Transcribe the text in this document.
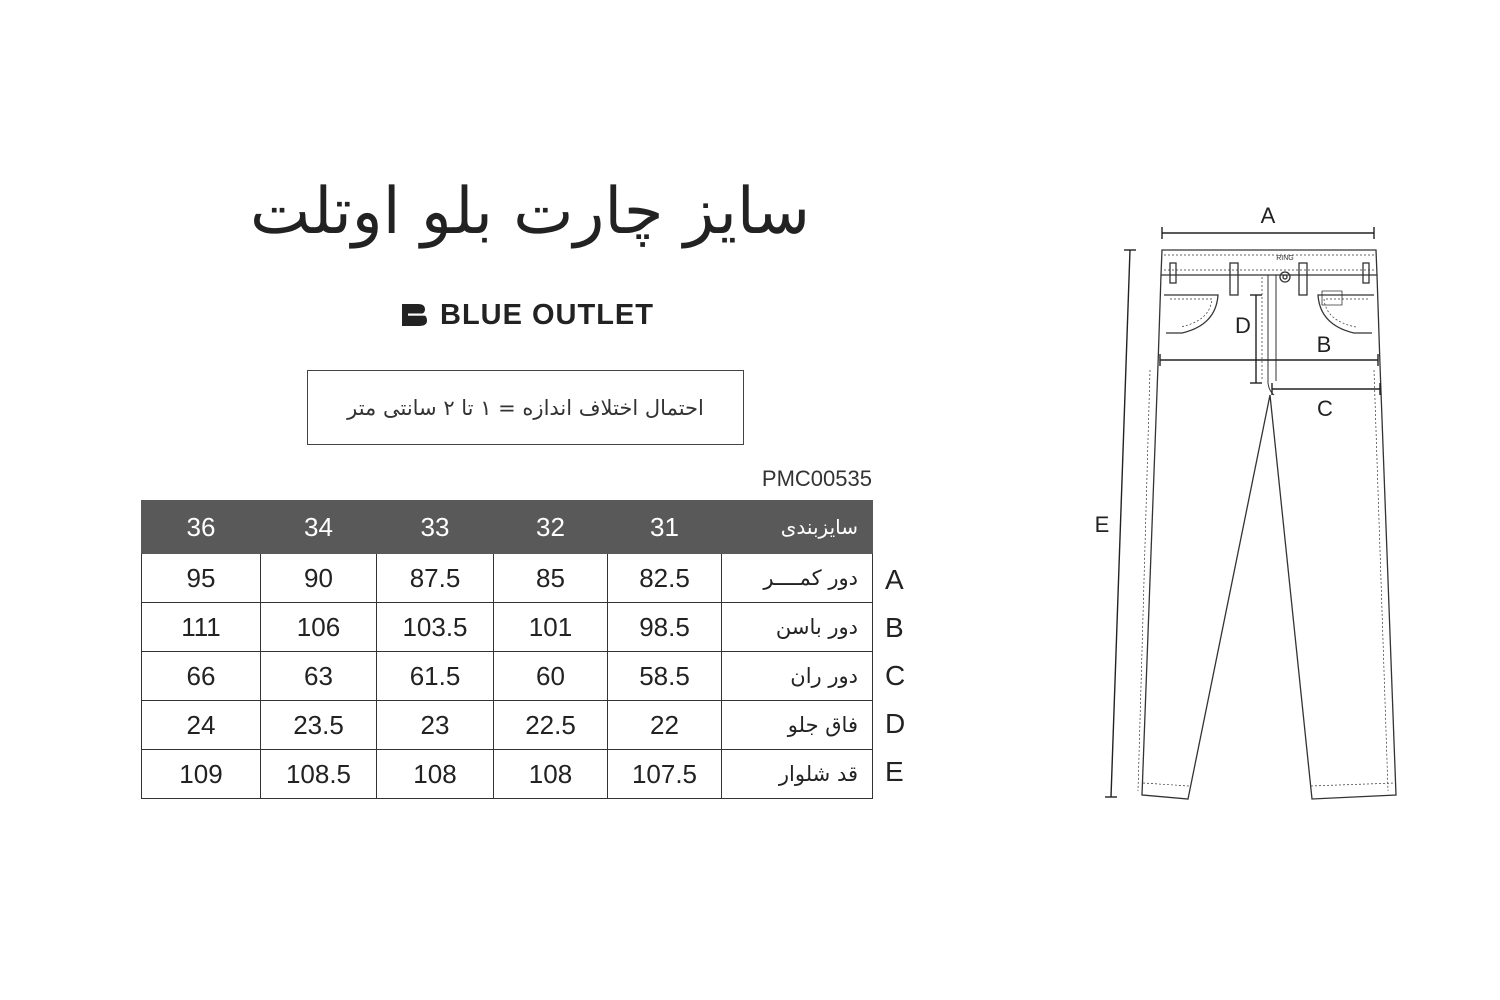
سایز چارت بلو اوتلت
BLUE OUTLET
احتمال اختلاف اندازه = ۱ تا ۲ سانتی متر
PMC00535
36	34	33	32	31	سایزبندی
95	90	87.5	85	82.5	دور کمــــر
111	106	103.5	101	98.5	دور باسن
66	63	61.5	60	58.5	دور ران
24	23.5	23	22.5	22	فاق جلو
109	108.5	108	108	107.5	قد شلوار
A
B
C
D
E
RING
A
B
C
D
E
